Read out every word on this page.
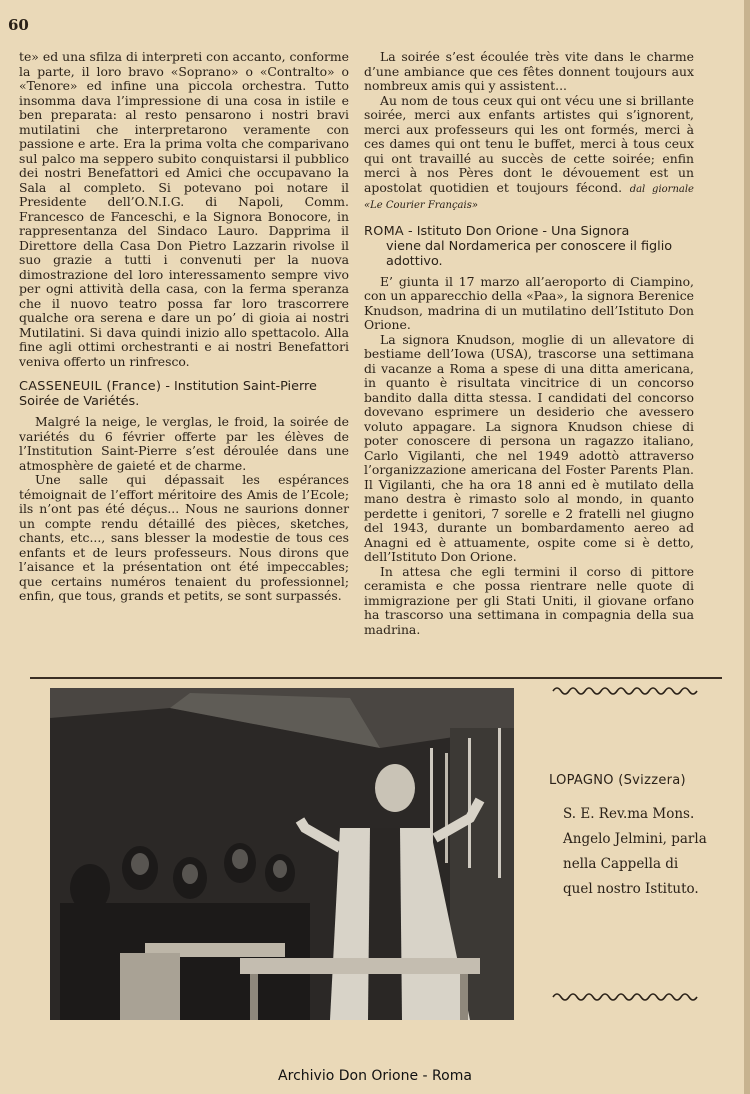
60

te» ed una sfilza di interpreti con accanto, conforme la parte, il loro bravo «Soprano» o «Contralto» o «Tenore» ed infine una piccola orchestra. Tutto insomma dava l’impressione di una cosa in istile e ben preparata: al resto pensarono i nostri bravi mutilatini che interpretarono veramente con passione e arte. Era la prima volta che comparivano sul palco ma seppero subito conquistarsi il pubblico dei nostri Benefattori ed Amici che occupavano la Sala al completo. Si potevano poi notare il Presidente dell’O.N.I.G. di Napoli, Comm. Francesco de Fanceschi, e la Signora Bonocore, in rappresentanza del Sindaco Lauro. Dapprima il Direttore della Casa Don Pietro Lazzarin rivolse il suo grazie a tutti i convenuti per la nuova dimostrazione del loro interessamento sempre vivo per ogni attività della casa, con la ferma speranza che il nuovo teatro possa far loro trascorrere qualche ora serena e dare un po’ di gioia ai nostri Mutilatini. Si dava quindi inizio allo spettacolo. Alla fine agli ottimi orchestranti e ai nostri Benefattori veniva offerto un rinfresco.

CASSENEUIL (France) - Institution Saint-Pierre
Soirée de Variétés.

Malgré la neige, le verglas, le froid, la soirée de variétés du 6 février offerte par les élèves de l’Institution Saint-Pierre s’est déroulée dans une atmosphère de gaieté et de charme.

Une salle qui dépassait les espérances témoignait de l’effort méritoire des Amis de l’Ecole; ils n’ont pas été déçus... Nous ne saurions donner un compte rendu détaillé des pièces, sketches, chants, etc..., sans blesser la modestie de tous ces enfants et de leurs professeurs. Nous dirons que l’aisance et la présentation ont été impeccables; que certains numéros tenaient du professionnel; enfin, que tous, grands et petits, se sont surpassés.

La soirée s’est écoulée très vite dans le charme d’une ambiance que ces fêtes donnent toujours aux nombreux amis qui y assistent...

Au nom de tous ceux qui ont vécu une si brillante soirée, merci aux enfants artistes qui s’ignorent, merci aux professeurs qui les ont formés, merci à ces dames qui ont tenu le buffet, merci à tous ceux qui ont travaillé au succès de cette soirée; enfin merci à nos Pères dont le dévouement est un apostolat quotidien et toujours fécond. dal giornale «Le Courier Français»

ROMA - Istituto Don Orione - Una Signora
viene dal Nordamerica per conoscere il figlio adottivo.

E’ giunta il 17 marzo all’aeroporto di Ciampino, con un apparecchio della «Paa», la signora Berenice Knudson, madrina di un mutilatino dell’Istituto Don Orione.

La signora Knudson, moglie di un allevatore di bestiame dell’Iowa (USA), trascorse una settimana di vacanze a Roma a spese di una ditta americana, in quanto è risultata vincitrice di un concorso bandito dalla ditta stessa. I candidati del concorso dovevano esprimere un desiderio che avessero voluto appagare. La signora Knudson chiese di poter conoscere di persona un ragazzo italiano, Carlo Vigilanti, che nel 1949 adottò attraverso l’organizzazione americana del Foster Parents Plan. Il Vigilanti, che ha ora 18 anni ed è mutilato della mano destra è rimasto solo al mondo, in quanto perdette i genitori, 7 sorelle e 2 fratelli nel giugno del 1943, durante un bombardamento aereo ad Anagni ed è attuamente, ospite come si è detto, dell’Istituto Don Orione.

In attesa che egli termini il corso di pittore ceramista e che possa rientrare nelle quote di immigrazione per gli Stati Uniti, il giovane orfano ha trascorso una settimana in compagnia della sua madrina.

LOPAGNO (Svizzera)
S. E. Rev.ma Mons. Angelo Jelmini, parla nella Cappella di quel nostro Istituto.
Archivio Don Orione - Roma
